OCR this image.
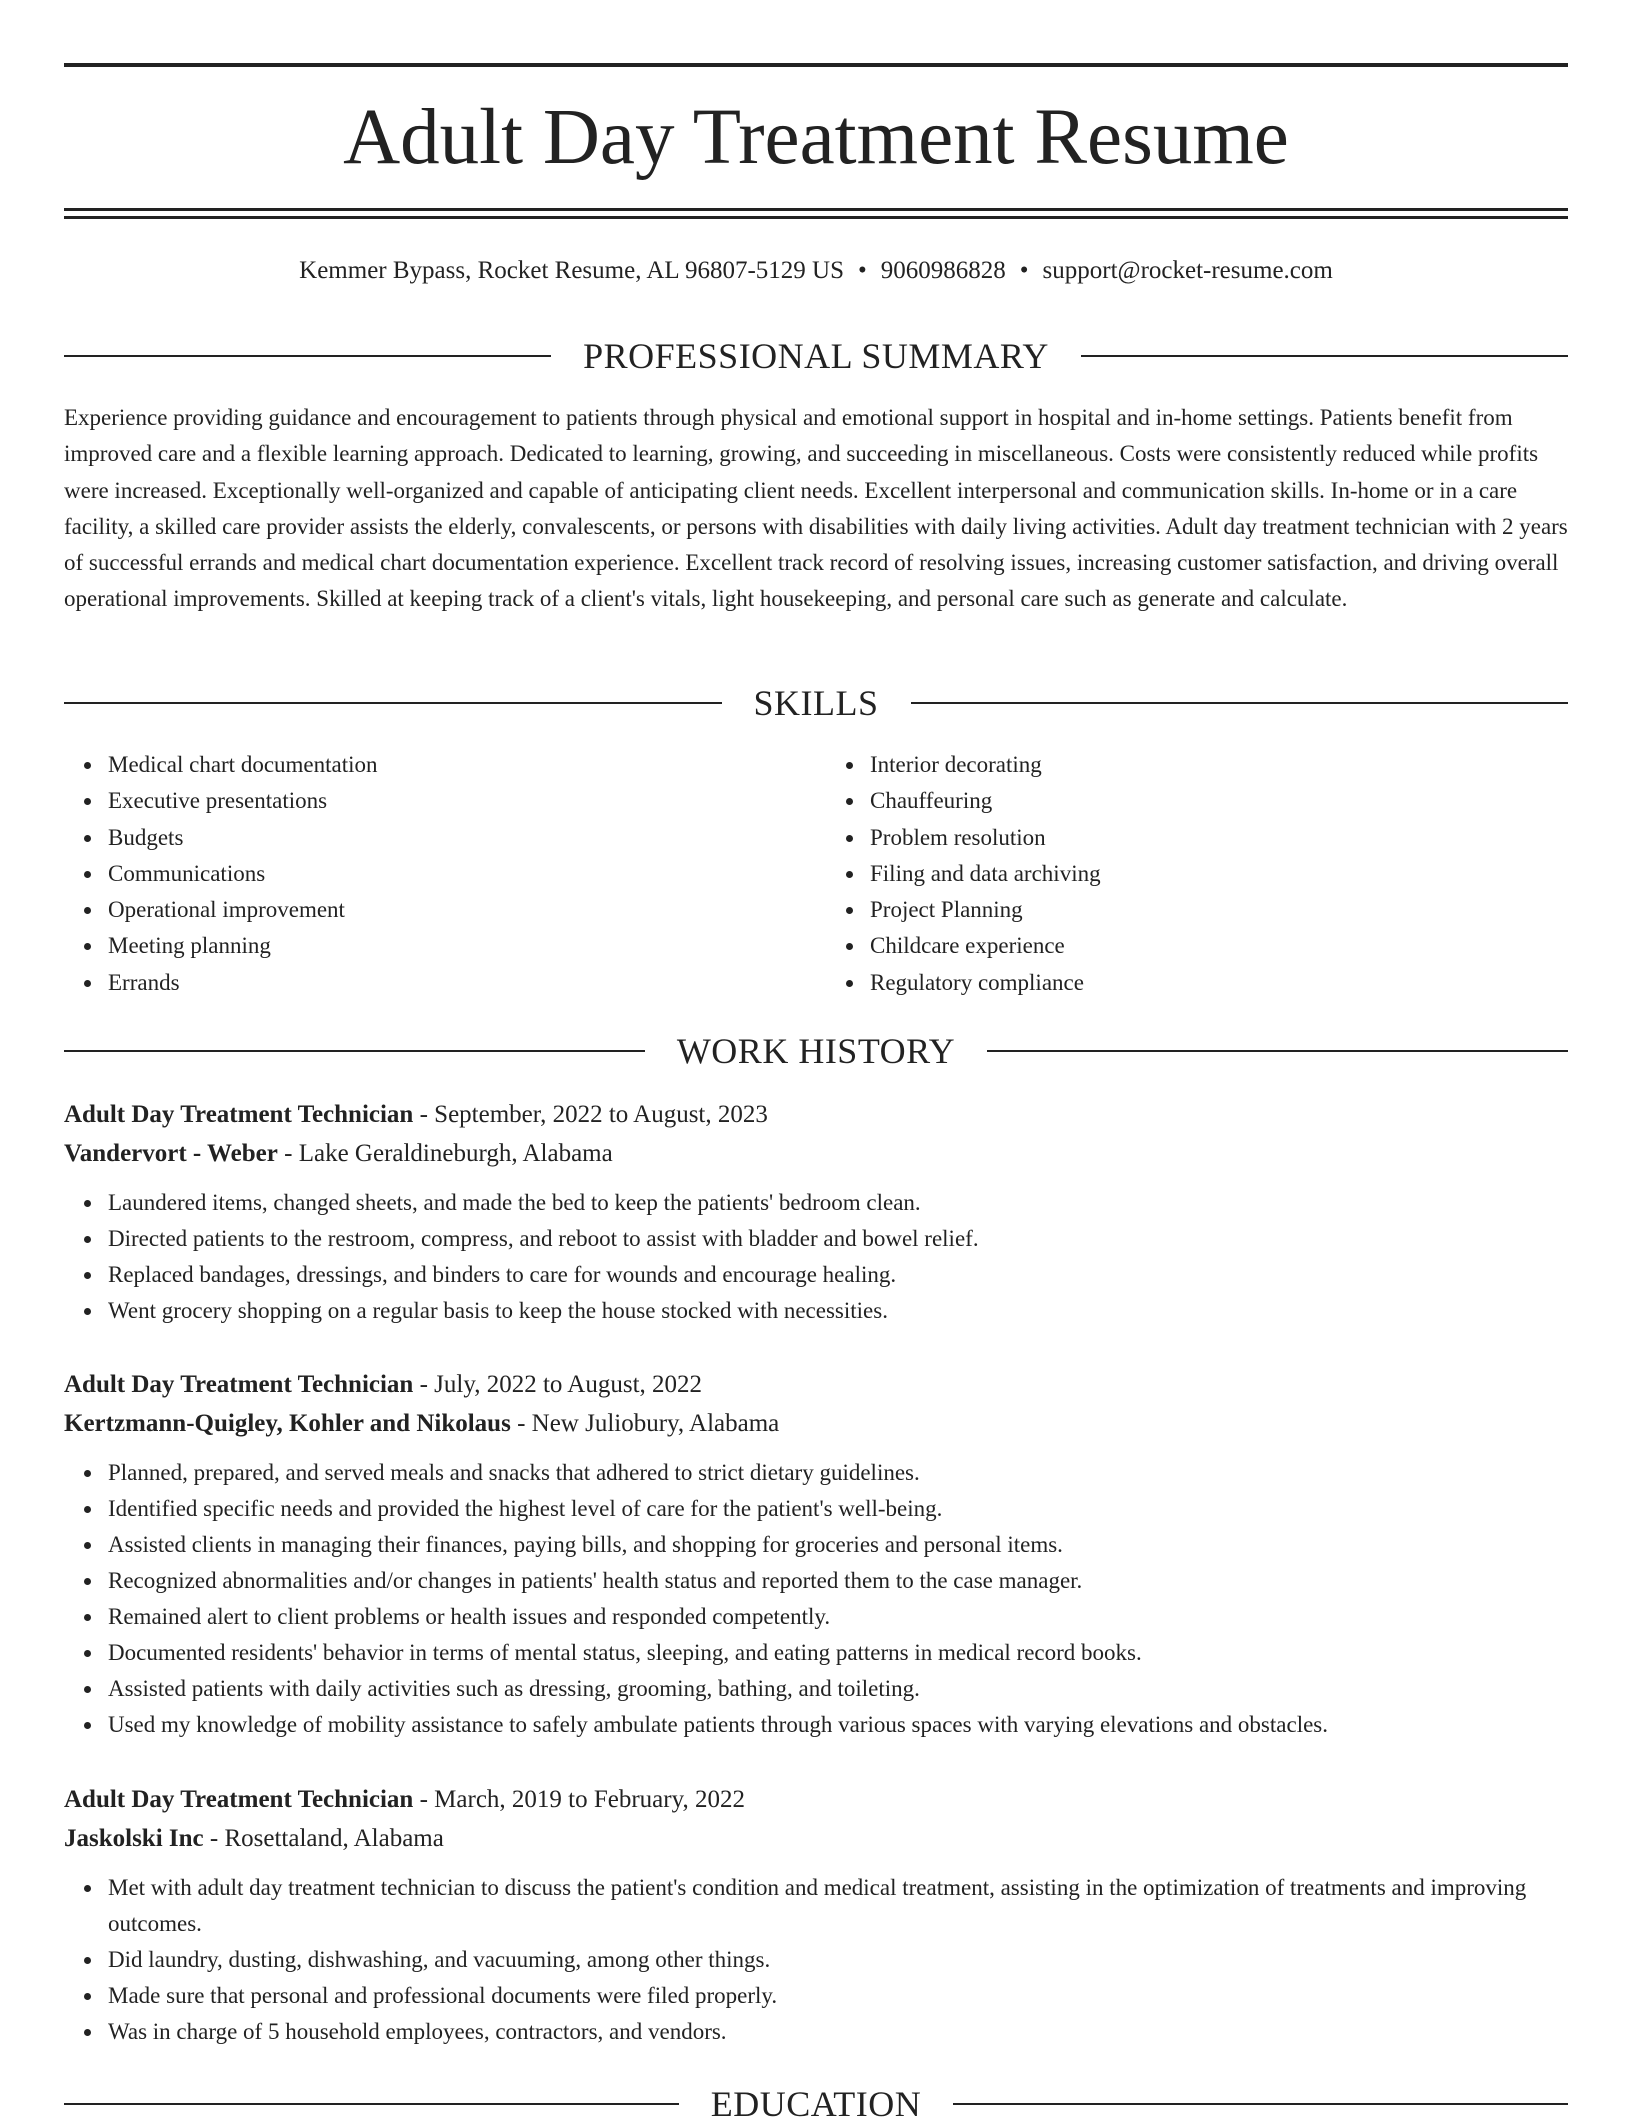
Adult Day Treatment Resume
Kemmer Bypass, Rocket Resume, AL 96807-5129 US • 9060986828 • support@rocket-resume.com
PROFESSIONAL SUMMARY

Experience providing guidance and encouragement to patients through physical and emotional support in hospital and in-home settings. Patients benefit from improved care and a flexible learning approach. Dedicated to learning, growing, and succeeding in miscellaneous. Costs were consistently reduced while profits were increased. Exceptionally well-organized and capable of anticipating client needs. Excellent interpersonal and communication skills. In-home or in a care facility, a skilled care provider assists the elderly, convalescents, or persons with disabilities with daily living activities. Adult day treatment technician with 2 years of successful errands and medical chart documentation experience. Excellent track record of resolving issues, increasing customer satisfaction, and driving overall operational improvements. Skilled at keeping track of a client's vitals, light housekeeping, and personal care such as generate and calculate.

SKILLS
Medical chart documentation
Executive presentations
Budgets
Communications
Operational improvement
Meeting planning
Errands
Interior decorating
Chauffeuring
Problem resolution
Filing and data archiving
Project Planning
Childcare experience
Regulatory compliance
WORK HISTORY
Adult Day Treatment Technician - September, 2022 to August, 2023
Vandervort - Weber - Lake Geraldineburgh, Alabama
Laundered items, changed sheets, and made the bed to keep the patients' bedroom clean.
Directed patients to the restroom, compress, and reboot to assist with bladder and bowel relief.
Replaced bandages, dressings, and binders to care for wounds and encourage healing.
Went grocery shopping on a regular basis to keep the house stocked with necessities.
Adult Day Treatment Technician - July, 2022 to August, 2022
Kertzmann-Quigley, Kohler and Nikolaus - New Juliobury, Alabama
Planned, prepared, and served meals and snacks that adhered to strict dietary guidelines.
Identified specific needs and provided the highest level of care for the patient's well-being.
Assisted clients in managing their finances, paying bills, and shopping for groceries and personal items.
Recognized abnormalities and/or changes in patients' health status and reported them to the case manager.
Remained alert to client problems or health issues and responded competently.
Documented residents' behavior in terms of mental status, sleeping, and eating patterns in medical record books.
Assisted patients with daily activities such as dressing, grooming, bathing, and toileting.
Used my knowledge of mobility assistance to safely ambulate patients through various spaces with varying elevations and obstacles.
Adult Day Treatment Technician - March, 2019 to February, 2022
Jaskolski Inc - Rosettaland, Alabama
Met with adult day treatment technician to discuss the patient's condition and medical treatment, assisting in the optimization of treatments and improving outcomes.
Did laundry, dusting, dishwashing, and vacuuming, among other things.
Made sure that personal and professional documents were filed properly.
Was in charge of 5 household employees, contractors, and vendors.
EDUCATION
